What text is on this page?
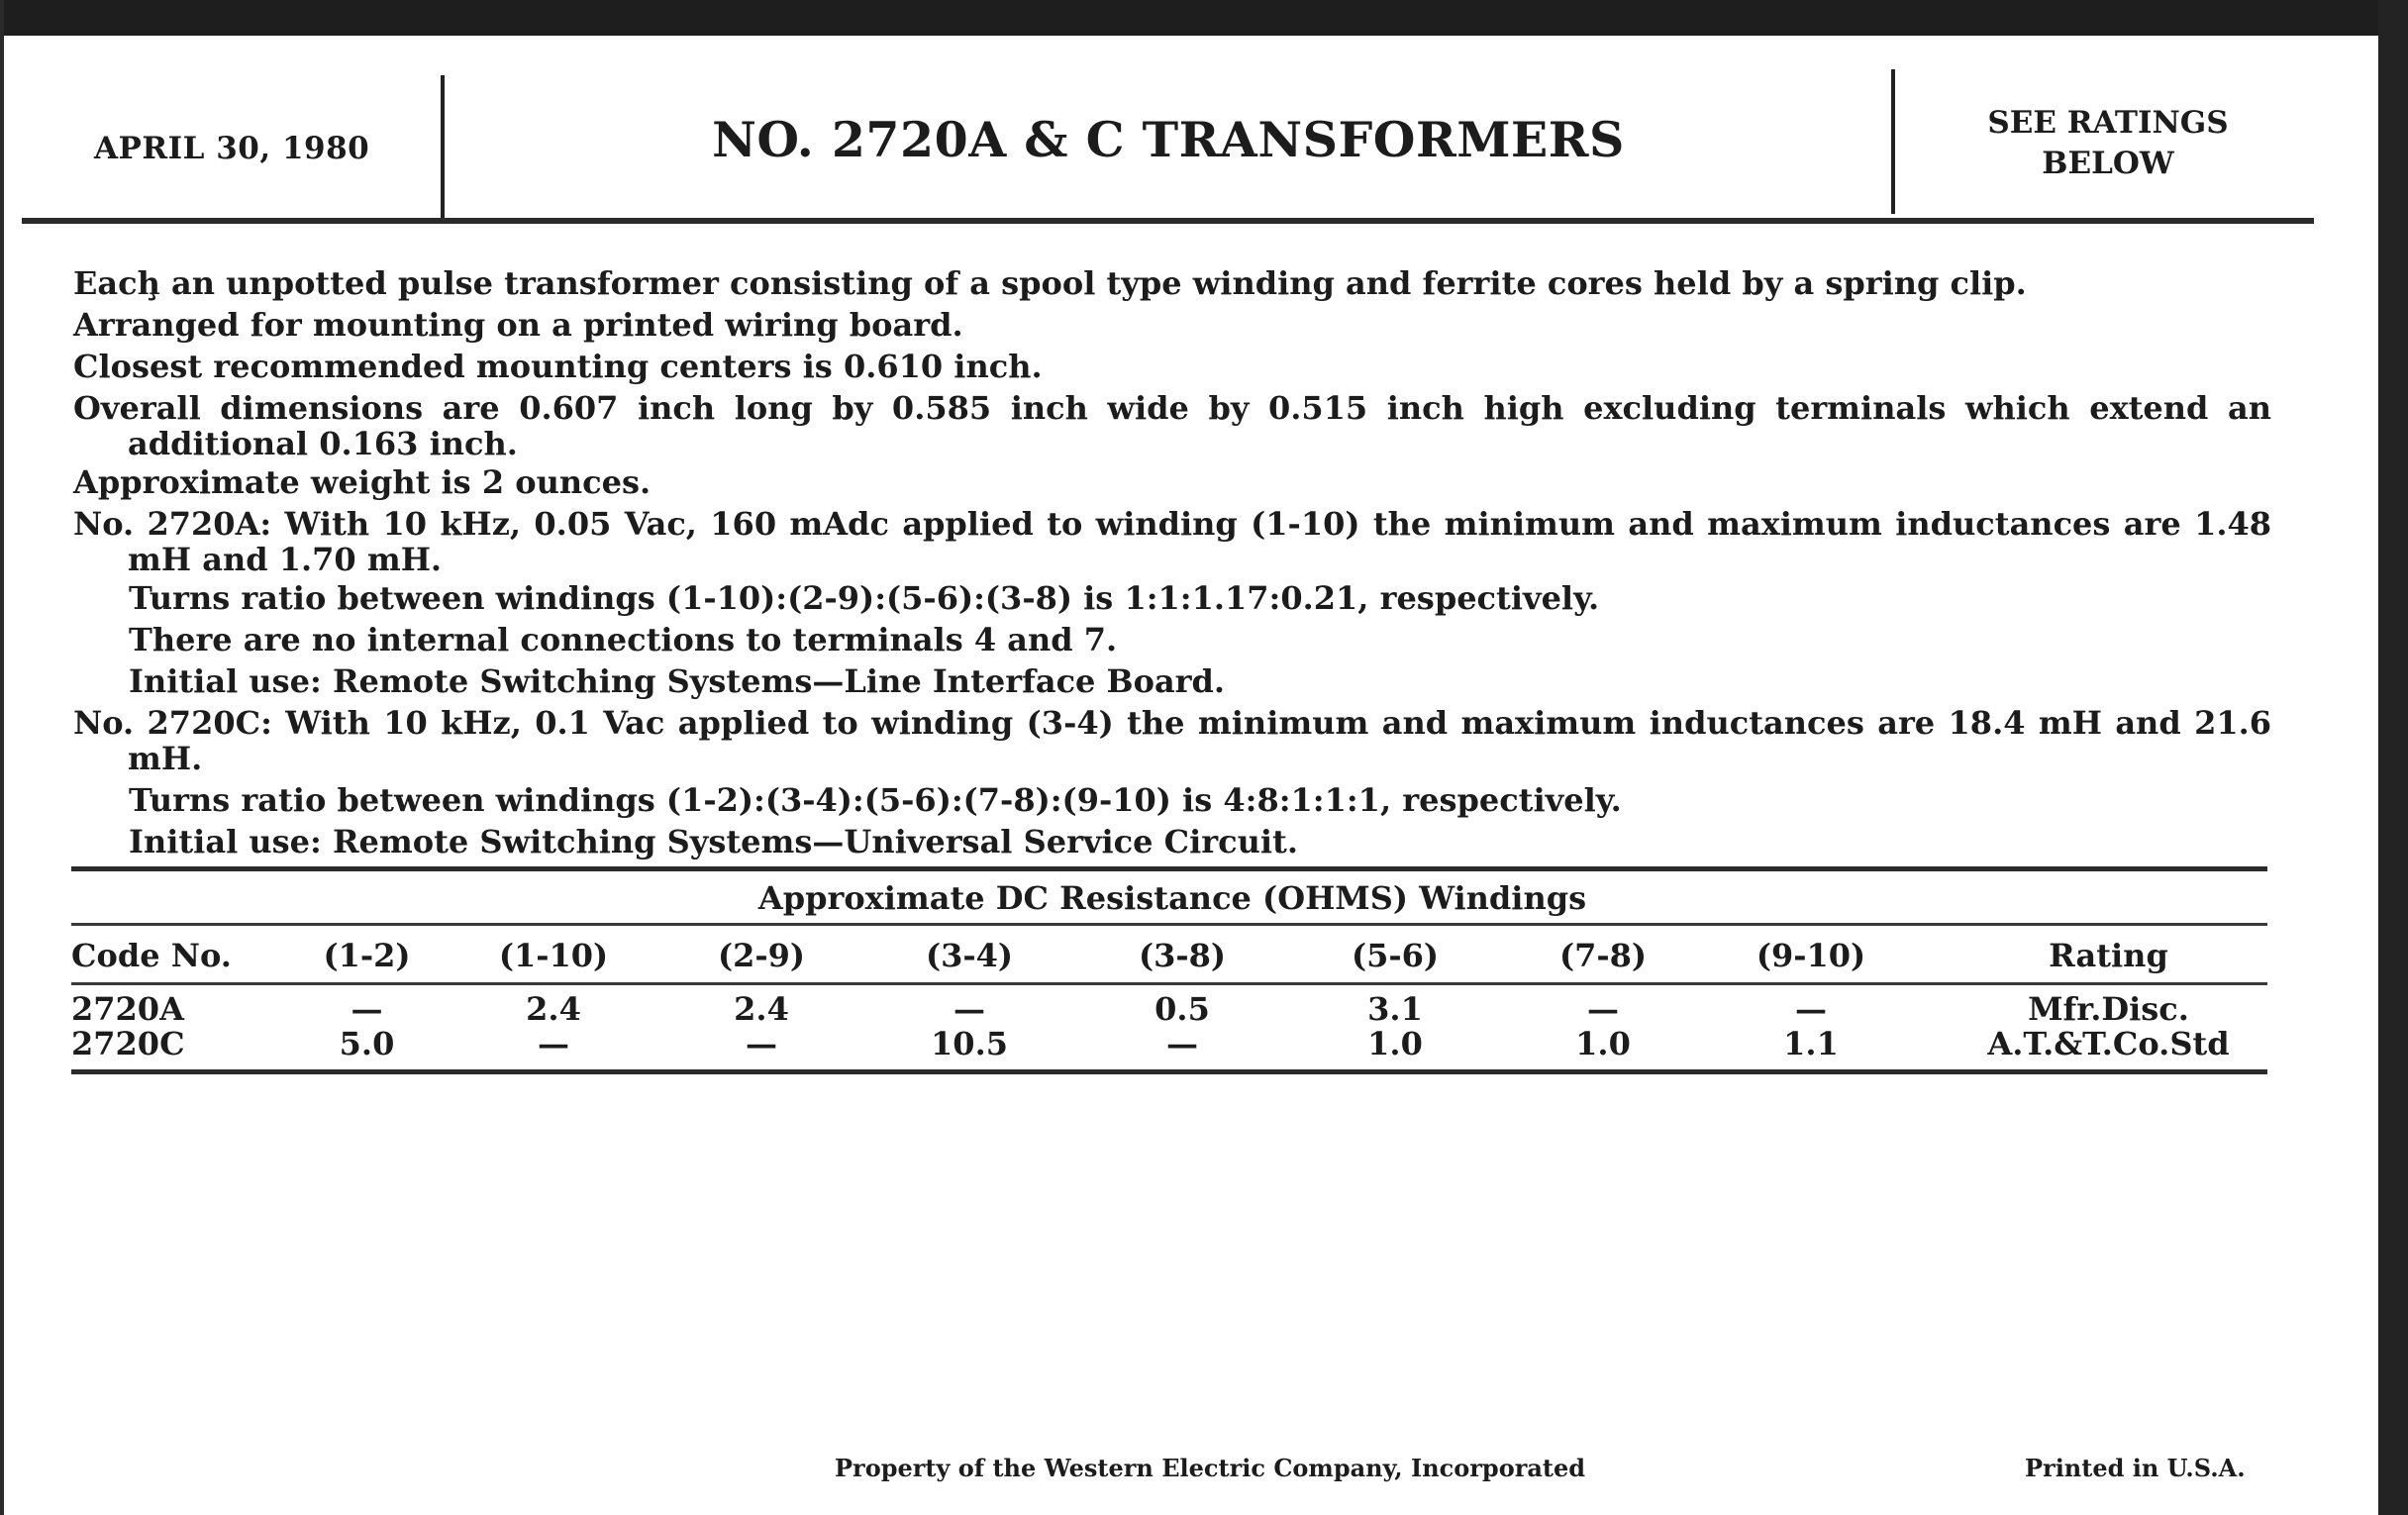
APRIL 30, 1980	NO. 2720A & C TRANSFORMERS	SEE RATINGS
BELOW

Eacḩ an unpotted pulse transformer consisting of a spool type winding and ferrite cores held by a spring clip.

Arranged for mounting on a printed wiring board.

Closest recommended mounting centers is 0.610 inch.

Overall dimensions are 0.607 inch long by 0.585 inch wide by 0.515 inch high excluding terminals which extend an additional 0.163 inch.

Approximate weight is 2 ounces.

No. 2720A: With 10 kHz, 0.05 Vac, 160 mAdc applied to winding (1-10) the minimum and maximum inductances are 1.48 mH and 1.70 mH.

Turns ratio between windings (1-10):(2-9):(5-6):(3-8) is 1:1:1.17:0.21, respectively.

There are no internal connections to terminals 4 and 7.

Initial use: Remote Switching Systems—Line Interface Board.

No. 2720C: With 10 kHz, 0.1 Vac applied to winding (3-4) the minimum and maximum inductances are 18.4 mH and 21.6 mH.

Turns ratio between windings (1-2):(3-4):(5-6):(7-8):(9-10) is 4:8:1:1:1, respectively.

Initial use: Remote Switching Systems—Universal Service Circuit.

Approximate DC Resistance (OHMS) Windings
Code No.	(1-2)	(1-10)	(2-9)	(3-4)	(3-8)	(5-6)	(7-8)	(9-10)	Rating
2720A	—	2.4	2.4	—	0.5	3.1	—	—	Mfr.Disc.
2720C	5.0	—	—	10.5	—	1.0	1.0	1.1	A.T.&T.Co.Std
Property of the Western Electric Company, Incorporated	Printed in U.S.A.
